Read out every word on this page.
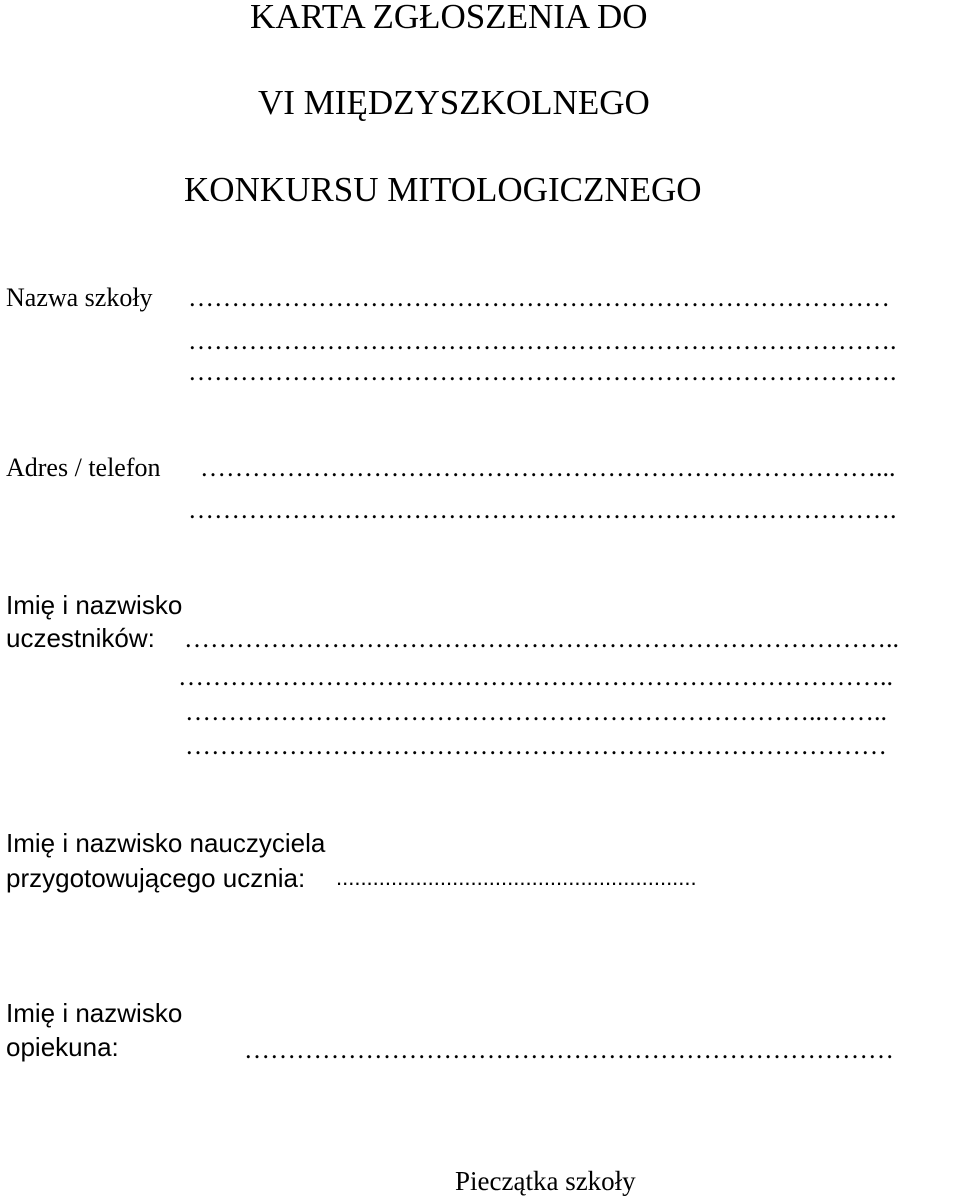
KARTA ZGŁOSZENIA DO
VI MIĘDZYSZKOLNEGO
KONKURSU MITOLOGICZNEGO
Nazwa szkoły ………………………………………………………………………
……………………………………………………………………….
……………………………………………………………………….
Adres / telefon ……………………………………………………………………...
……………………………………………………………………….
Imię i nazwisko
uczestników: ………………………………………………………………………..
………………………………………………………………………..
………………………………………………………………..……..
………………………………………………………………………
Imię i nazwisko nauczyciela
przygotowującego ucznia: ...........................................................
Imię i nazwisko
opiekuna:	…………………………………………………………………
Pieczątka szkoły
